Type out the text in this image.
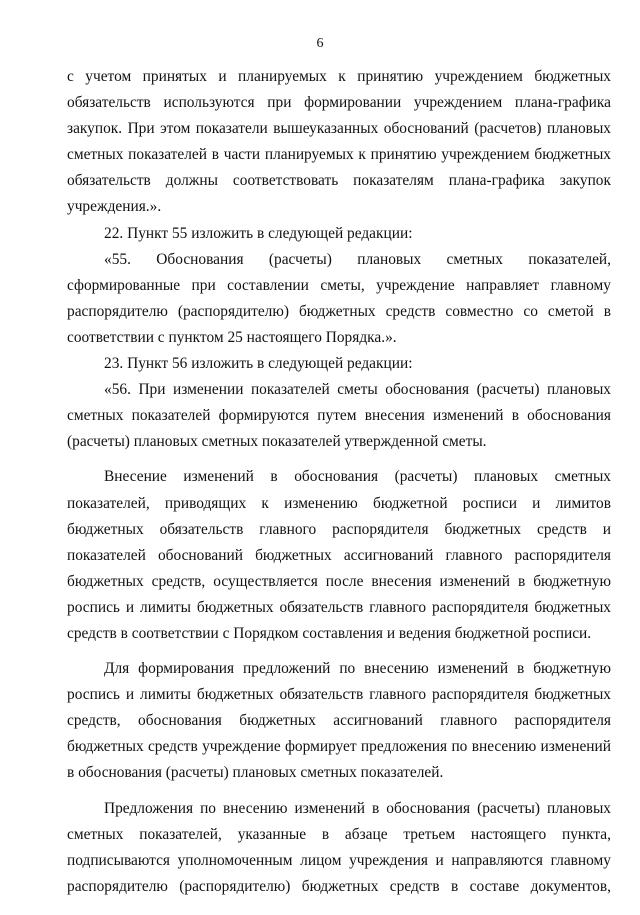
6

с учетом принятых и планируемых к принятию учреждением бюджетных обязательств используются при формировании учреждением плана-графика закупок. При этом показатели вышеуказанных обоснований (расчетов) плановых сметных показателей в части планируемых к принятию учреждением бюджетных обязательств должны соответствовать показателям плана-графика закупок учреждения.».

22. Пункт 55 изложить в следующей редакции:

«55. Обоснования (расчеты) плановых сметных показателей, сформированные при составлении сметы, учреждение направляет главному распорядителю (распорядителю) бюджетных средств совместно со сметой в соответствии с пунктом 25 настоящего Порядка.».

23. Пункт 56 изложить в следующей редакции:

«56. При изменении показателей сметы обоснования (расчеты) плановых сметных показателей формируются путем внесения изменений в обоснования (расчеты) плановых сметных показателей утвержденной сметы.

Внесение изменений в обоснования (расчеты) плановых сметных показателей, приводящих к изменению бюджетной росписи и лимитов бюджетных обязательств главного распорядителя бюджетных средств и показателей обоснований бюджетных ассигнований главного распорядителя бюджетных средств, осуществляется после внесения изменений в бюджетную роспись и лимиты бюджетных обязательств главного распорядителя бюджетных средств в соответствии с Порядком составления и ведения бюджетной росписи.

Для формирования предложений по внесению изменений в бюджетную роспись и лимиты бюджетных обязательств главного распорядителя бюджетных средств, обоснования бюджетных ассигнований главного распорядителя бюджетных средств учреждение формирует предложения по внесению изменений в обоснования (расчеты) плановых сметных показателей.

Предложения по внесению изменений в обоснования (расчеты) плановых сметных показателей, указанные в абзаце третьем настоящего пункта, подписываются уполномоченным лицом учреждения и направляются главному распорядителю (распорядителю) бюджетных средств в составе документов,
